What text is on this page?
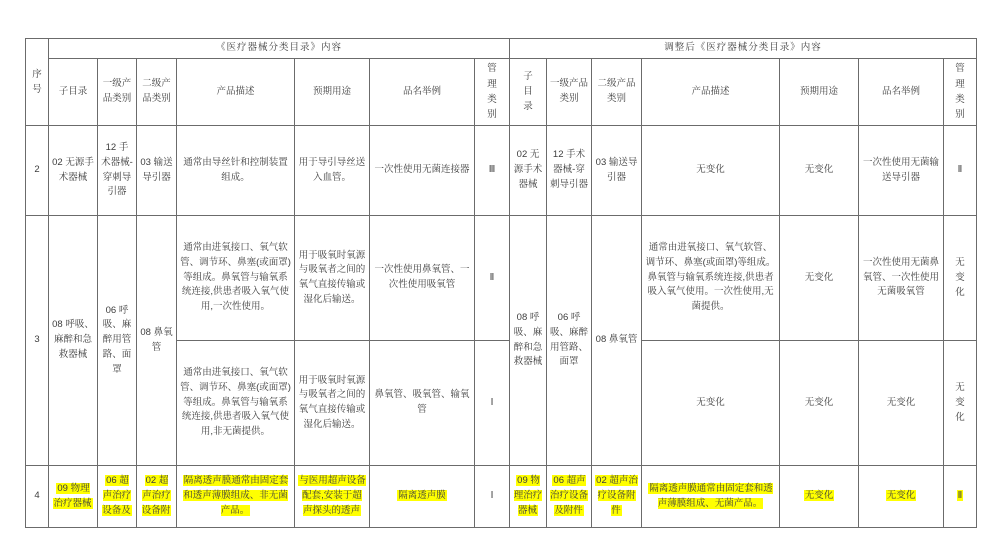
序号	《医疗器械分类目录》内容							调整后《医疗器械分类目录》内容						
	子目录	一级产品类别	二级产品类别	产品描述	预期用途	品名举例	管理类别	子目录	一级产品类别	二级产品类别	产品描述	预期用途	品名举例	管理类别
2	02 无源手术器械	12 手术器械-穿刺导引器	03 输送导引器	通常由导丝针和控制装置组成。	用于导引导丝送入血管。	一次性使用无菌连接器	Ⅲ	02 无源手术器械	12 手术器械-穿刺导引器	03 输送导引器	无变化	无变化	一次性使用无菌输送导引器	Ⅱ
3	08 呼吸、麻醉和急救器械	06 呼吸、麻醉用管路、面罩	08 鼻氧管	通常由进氧接口、氧气软管、调节环、鼻塞(或面罩)等组成。鼻氧管与输氧系统连接,供患者吸入氧气使用,一次性使用。	用于吸氧时氧源与吸氧者之间的氧气直接传输或湿化后输送。	一次性使用鼻氧管、一次性使用吸氧管	Ⅱ	08 呼吸、麻醉和急救器械	06 呼吸、麻醉用管路、面罩	08 鼻氧管	通常由进氧接口、氧气软管、调节环、鼻塞(或面罩)等组成。鼻氧管与输氧系统连接,供患者吸入氧气使用。一次性使用,无菌提供。	无变化	一次性使用无菌鼻氧管、一次性使用无菌吸氧管	无变化
				通常由进氧接口、氧气软管、调节环、鼻塞(或面罩)等组成。鼻氧管与输氧系统连接,供患者吸入氧气使用,非无菌提供。	用于吸氧时氧源与吸氧者之间的氧气直接传输或湿化后输送。	鼻氧管、吸氧管、输氧管	Ⅰ				无变化	无变化	无变化	无变化
4	09 物理治疗器械	06 超声治疗设备及	02 超声治疗设备附	隔离透声膜通常由固定套和透声薄膜组成、非无菌产品。	与医用超声设备配套,安装于超声探头的透声	隔离透声膜	Ⅰ	09 物理治疗器械	06 超声治疗设备及附件	02 超声治疗设备附件	隔离透声膜通常由固定套和透声薄膜组成、无菌产品。	无变化	无变化	Ⅱ
